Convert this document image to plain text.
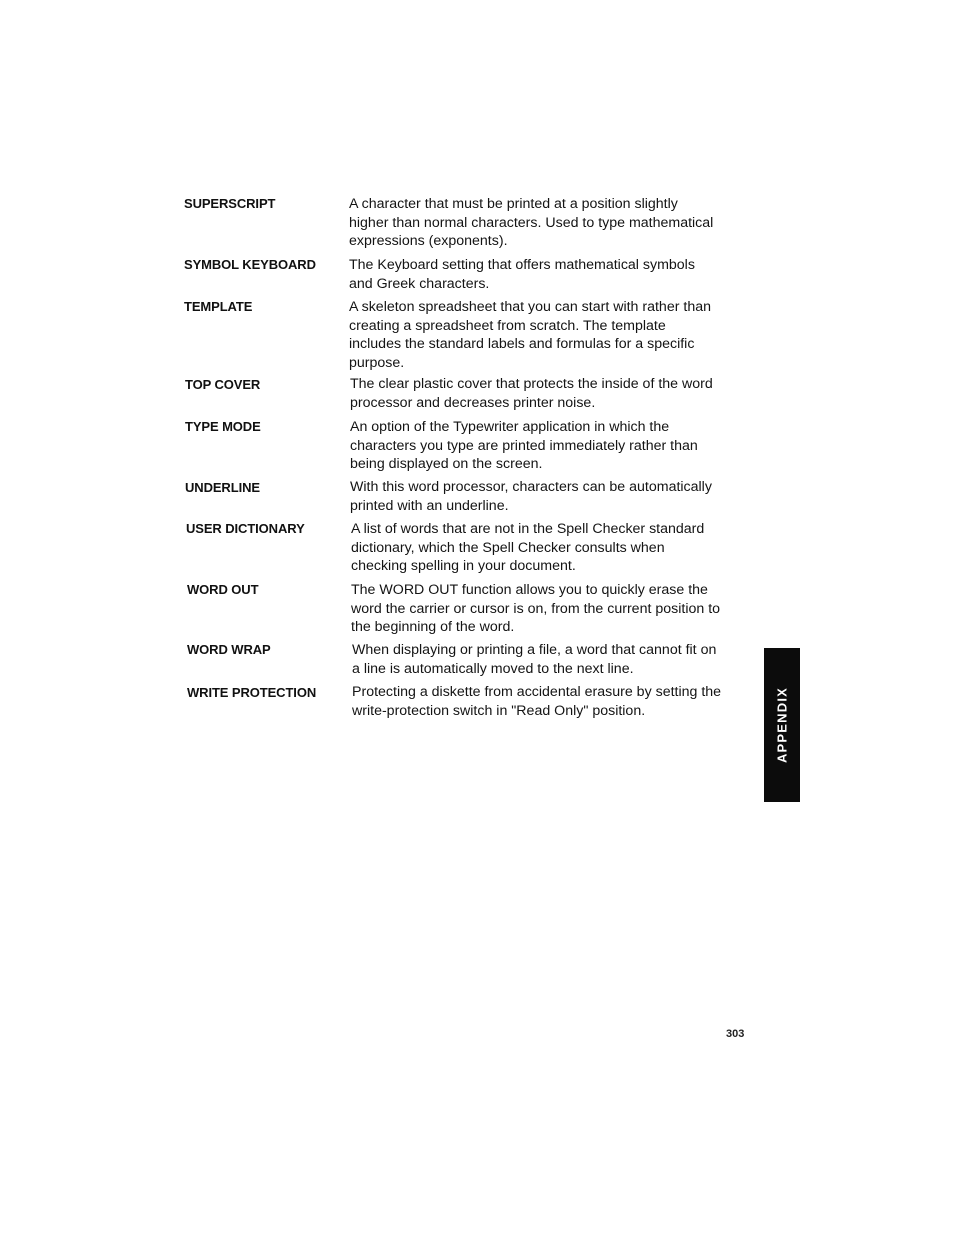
SUPERSCRIPT	A character that must be printed at a position slightly higher than normal characters. Used to type mathematical expressions (exponents).
SYMBOL KEYBOARD The Keyboard setting that offers mathematical symbols and Greek characters.
TEMPLATE	A skeleton spreadsheet that you can start with rather than creating a spreadsheet from scratch. The template includes the standard labels and formulas for a specific purpose.
TOP COVER	The clear plastic cover that protects the inside of the word processor and decreases printer noise.
TYPE MODE	An option of the Typewriter application in which the characters you type are printed immediately rather than being displayed on the screen.
UNDERLINE	With this word processor, characters can be automatically printed with an underline.
USER DICTIONARY	A list of words that are not in the Spell Checker standard dictionary, which the Spell Checker consults when checking spelling in your document.
WORD OUT	The WORD OUT function allows you to quickly erase the word the carrier or cursor is on, from the current position to the beginning of the word.
WORD WRAP	When displaying or printing a file, a word that cannot fit on a line is automatically moved to the next line.
WRITE PROTECTION	Protecting a diskette from accidental erasure by setting the write-protection switch in "Read Only" position.	APPENDIX
303
